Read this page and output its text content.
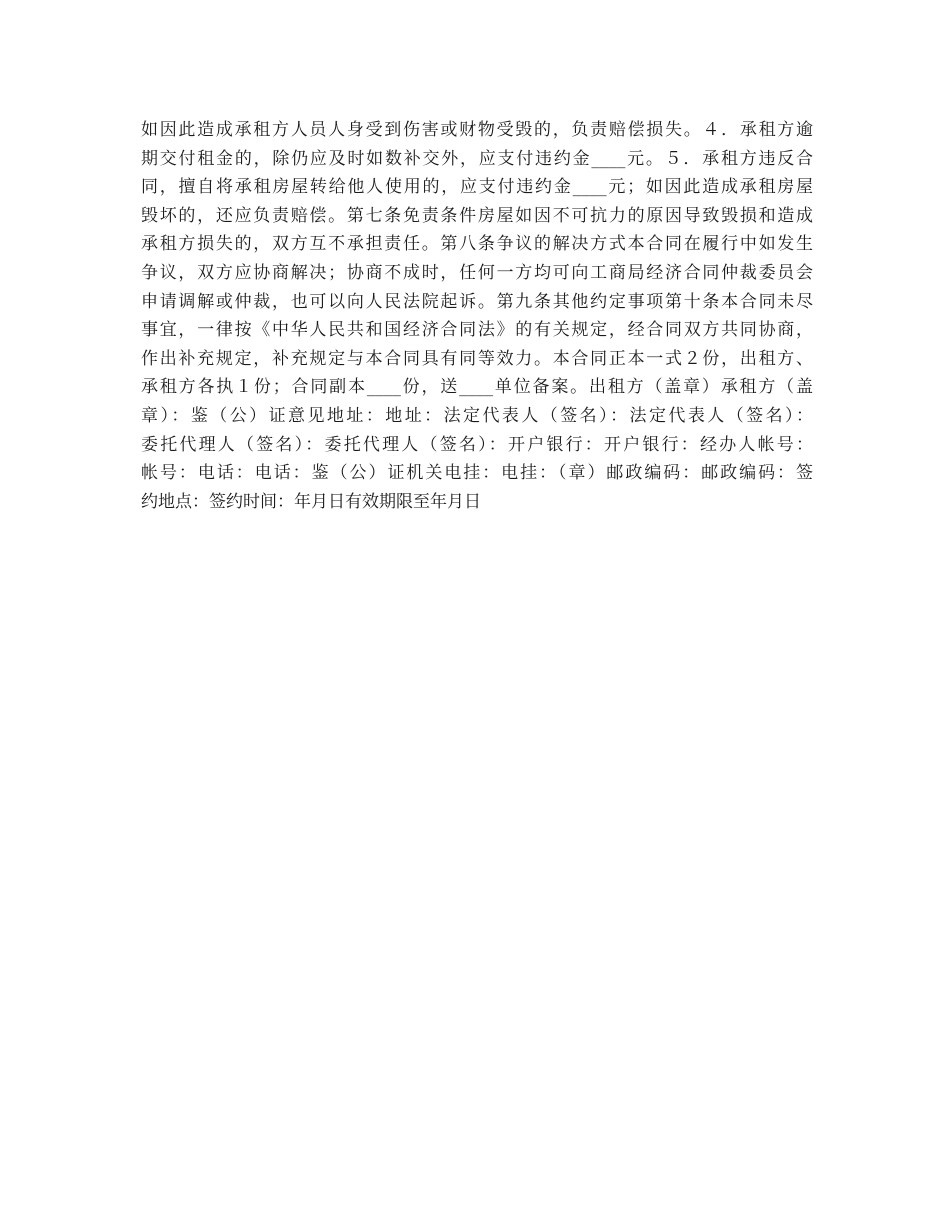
如因此造成承租方人员人身受到伤害或财物受毁的，负责赔偿损失。４．承租方逾
期交付租金的，除仍应及时如数补交外，应支付违约金____元。５．承租方违反合
同，擅自将承租房屋转给他人使用的，应支付违约金____元；如因此造成承租房屋
毁坏的，还应负责赔偿。第七条免责条件房屋如因不可抗力的原因导致毁损和造成
承租方损失的，双方互不承担责任。第八条争议的解决方式本合同在履行中如发生
争议，双方应协商解决；协商不成时，任何一方均可向工商局经济合同仲裁委员会
申请调解或仲裁，也可以向人民法院起诉。第九条其他约定事项第十条本合同未尽
事宜，一律按《中华人民共和国经济合同法》的有关规定，经合同双方共同协商，
作出补充规定，补充规定与本合同具有同等效力。本合同正本一式２份，出租方、
承租方各执１份；合同副本____份，送____单位备案。出租方（盖章）承租方（盖
章）：鉴（公）证意见地址：地址：法定代表人（签名）：法定代表人（签名）：
委托代理人（签名）：委托代理人（签名）：开户银行：开户银行：经办人帐号：
帐号：电话：电话：鉴（公）证机关电挂：电挂：（章）邮政编码：邮政编码：签
约地点：签约时间：年月日有效期限至年月日
